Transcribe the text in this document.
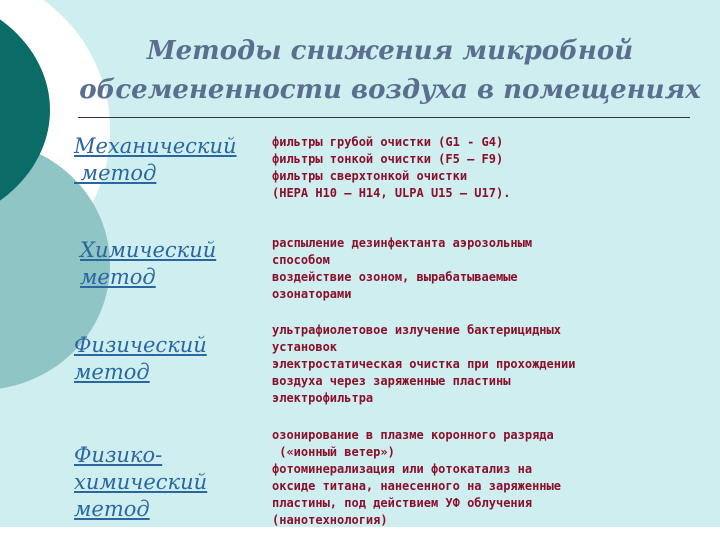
Методы снижения микробной
обсемененности воздуха в помещениях
Механический
метод
фильтры грубой очистки (G1 - G4)
фильтры тонкой очистки (F5 – F9)
фильтры сверхтонкой очистки
(HEPA H10 – H14, ULPA U15 – U17).
Химический
метод
распыление дезинфектанта аэрозольным
способом
воздействие озоном, вырабатываемые
озонаторами
Физический
метод
ультрафиолетовое излучение бактерицидных
установок
электростатическая очистка при прохождении
воздуха через заряженные пластины
электрофильтра
Физико-
химический
метод
озонирование в плазме коронного разряда
(«ионный ветер»)
фотоминерализация или фотокатализ на
оксиде титана, нанесенного на заряженные
пластины, под действием УФ облучения
(нанотехнология)
